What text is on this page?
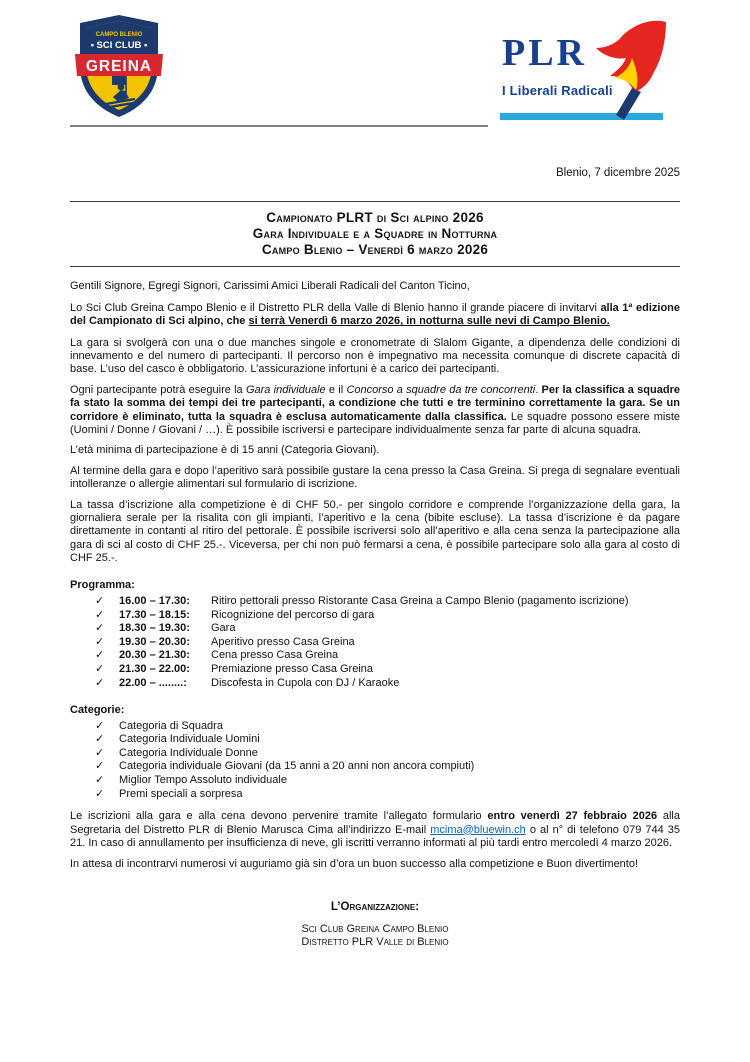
CAMPO BLENIO
• SCI CLUB •
GREINA	PLR
I Liberali Radicali
Blenio, 7 dicembre 2025
Campionato PLRT di Sci alpino 2026
Gara Individuale e a Squadre in Notturna
Campo Blenio – Venerdì 6 marzo 2026

Gentili Signore, Egregi Signori, Carissimi Amici Liberali Radicali del Canton Ticino,

Lo Sci Club Greina Campo Blenio e il Distretto PLR della Valle di Blenio hanno il grande piacere di invitarvi alla 1ª edizione del Campionato di Sci alpino, che si terrà Venerdì 6 marzo 2026, in notturna sulle nevi di Campo Blenio.

La gara si svolgerà con una o due manches singole e cronometrate di Slalom Gigante, a dipendenza delle condizioni di innevamento e del numero di partecipanti. Il percorso non è impegnativo ma necessita comunque di discrete capacità di base. L’uso del casco è obbligatorio. L’assicurazione infortuni è a carico dei partecipanti.

Ogni partecipante potrà eseguire la Gara individuale e il Concorso a squadre da tre concorrenti. Per la classifica a squadre fa stato la somma dei tempi dei tre partecipanti, a condizione che tutti e tre terminino correttamente la gara. Se un corridore è eliminato, tutta la squadra è esclusa automaticamente dalla classifica. Le squadre possono essere miste (Uomini / Donne / Giovani / …). È possibile iscriversi e partecipare individualmente senza far parte di alcuna squadra.

L’età minima di partecipazione è di 15 anni (Categoria Giovani).

Al termine della gara e dopo l’aperitivo sarà possibile gustare la cena presso la Casa Greina. Si prega di segnalare eventuali intolleranze o allergie alimentari sul formulario di iscrizione.

La tassa d’iscrizione alla competizione è di CHF 50.- per singolo corridore e comprende l’organizzazione della gara, la giornaliera serale per la risalita con gli impianti, l’aperitivo e la cena (bibite escluse). La tassa d’iscrizione è da pagare direttamente in contanti al ritiro del pettorale. È possibile iscriversi solo all’aperitivo e alla cena senza la partecipazione alla gara di sci al costo di CHF 25.-. Viceversa, per chi non può fermarsi a cena, è possibile partecipare solo alla gara al costo di CHF 25.-.

Programma:
✓	16.00 – 17.30:	Ritiro pettorali presso Ristorante Casa Greina a Campo Blenio (pagamento iscrizione)
✓	17.30 – 18.15:	Ricognizione del percorso di gara
✓	18.30 – 19.30:	Gara
✓	19.30 – 20.30:	Aperitivo presso Casa Greina
✓	20.30 – 21.30:	Cena presso Casa Greina
✓	21.30 – 22.00:	Premiazione presso Casa Greina
✓	22.00 – ........:	Discofesta in Cupola con DJ / Karaoke
Categorie:
✓	Categoria di Squadra
✓	Categoria Individuale Uomini
✓	Categoria Individuale Donne
✓	Categoria individuale Giovani (da 15 anni a 20 anni non ancora compiuti)
✓	Miglior Tempo Assoluto individuale
✓	Premi speciali a sorpresa

Le iscrizioni alla gara e alla cena devono pervenire tramite l’allegato formulario entro venerdì 27 febbraio 2026 alla Segretaria del Distretto PLR di Blenio Marusca Cima all’indirizzo E-mail mcima@bluewin.ch o al n° di telefono 079 744 35 21. In caso di annullamento per insufficienza di neve, gli iscritti verranno informati al più tardi entro mercoledì 4 marzo 2026.

In attesa di incontrarvi numerosi vi auguriamo già sin d’ora un buon successo alla competizione e Buon divertimento!

L’Organizzazione:
Sci Club Greina Campo Blenio
Distretto PLR Valle di Blenio
